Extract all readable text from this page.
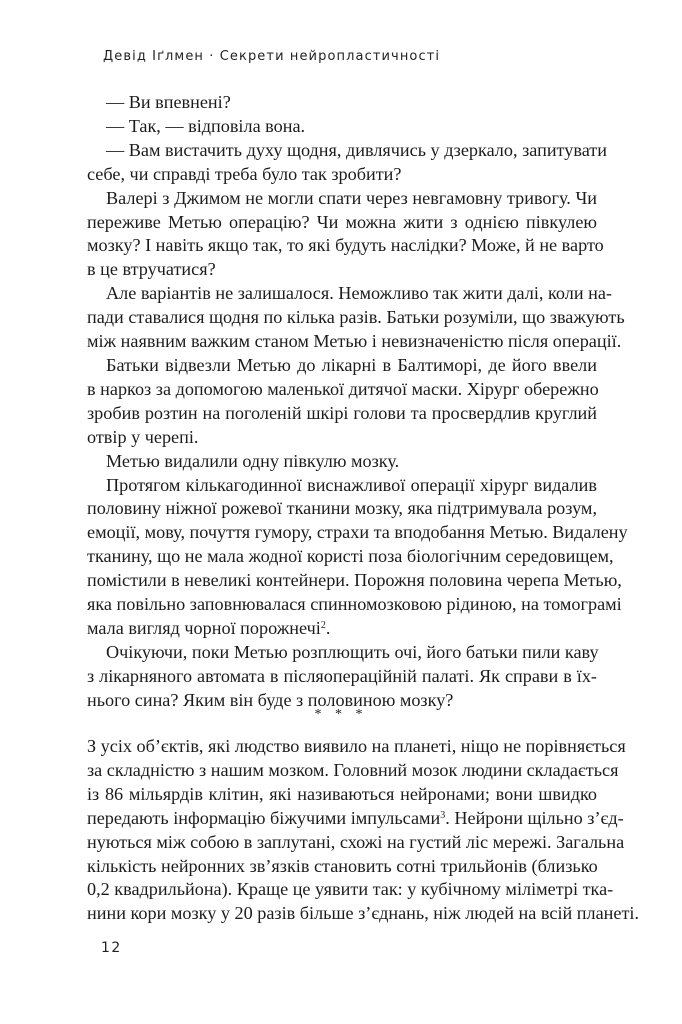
Девід Іґлмен · Секрети нейропластичності
— Ви впевнені?
— Так, — відповіла вона.
— Вам вистачить духу щодня, дивлячись у дзеркало, запитувати
себе, чи справді треба було так зробити?
Валері з Джимом не могли спати через невгамовну тривогу. Чи
переживе Метью операцію? Чи можна жити з однією півкулею
мозку? І навіть якщо так, то які будуть наслідки? Може, й не варто
в це втручатися?
Але варіантів не залишалося. Неможливо так жити далі, коли на-
пади ставалися щодня по кілька разів. Батьки розуміли, що зважують
між наявним важким станом Метью і невизначеністю після операції.
Батьки відвезли Метью до лікарні в Балтиморі, де його ввели
в наркоз за допомогою маленької дитячої маски. Хірург обережно
зробив розтин на поголеній шкірі голови та просвердлив круглий
отвір у черепі.
Метью видалили одну півкулю мозку.
Протягом кількагодинної виснажливої операції хірург видалив
половину ніжної рожевої тканини мозку, яка підтримувала розум,
емоції, мову, почуття гумору, страхи та вподобання Метью. Видалену
тканину, що не мала жодної користі поза біологічним середовищем,
помістили в невеликі контейнери. Порожня половина черепа Метью,
яка повільно заповнювалася спинномозковою рідиною, на томограмі
мала вигляд чорної порожнечі$^2$.
Очікуючи, поки Метью розплющить очі, його батьки пили каву
з лікарняного автомата в післяопераційній палаті. Як справи в їх-
нього сина? Яким він буде з половиною мозку?
* * *
З усіх об’єктів, які людство виявило на планеті, ніщо не порівняється
за складністю з нашим мозком. Головний мозок людини складається
із 86 мільярдів клітин, які називаються нейронами; вони швидко
передають інформацію біжучими імпульсами$^3$. Нейрони щільно з’єд-
нуються між собою в заплутані, схожі на густий ліс мережі. Загальна
кількість нейронних зв’язків становить сотні трильйонів (близько
0,2 квадрильйона). Краще це уявити так: у кубічному міліметрі тка-
нини кори мозку у 20 разів більше з’єднань, ніж людей на всій планеті.
12
